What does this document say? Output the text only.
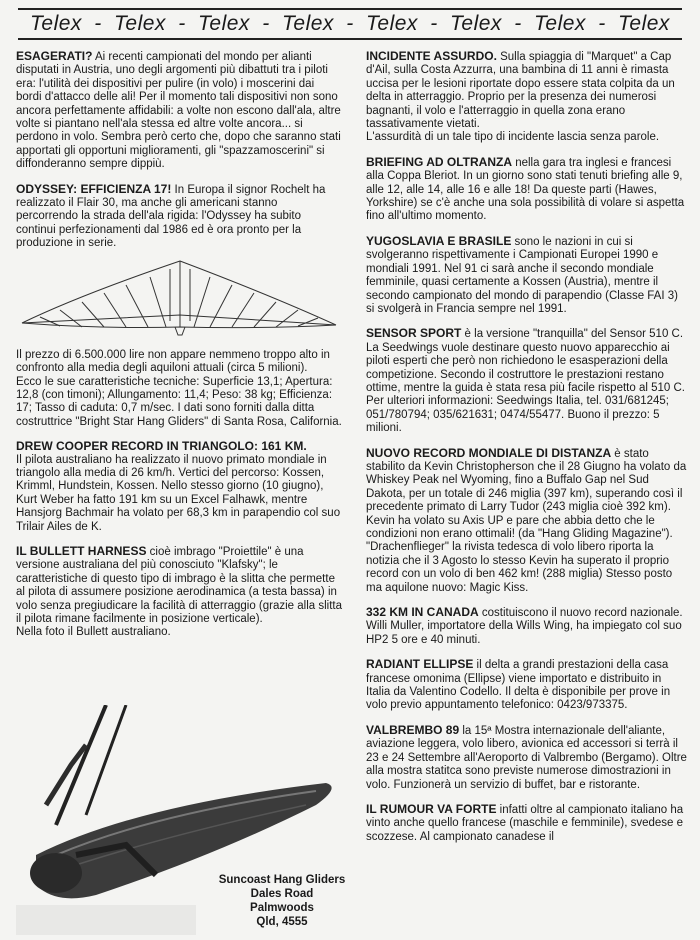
Telex - Telex - Telex - Telex - Telex - Telex - Telex - Telex

ESAGERATI? Ai recenti campionati del mondo per alianti disputati in Austria, uno degli argomenti più dibattuti tra i piloti era: l'utilità dei dispositivi per pulire (in volo) i moscerini dai bordi d'attacco delle ali! Per il momento tali dispositivi non sono ancora perfettamente affidabili: a volte non escono dall'ala, altre volte si piantano nell'ala stessa ed altre volte ancora... si perdono in volo. Sembra però certo che, dopo che saranno stati apportati gli opportuni miglioramenti, gli "spazzamoscerini" si diffonderanno sempre dippiù.

ODYSSEY: EFFICIENZA 17! In Europa il signor Rochelt ha realizzato il Flair 30, ma anche gli americani stanno percorrendo la strada dell'ala rigida: l'Odyssey ha subito continui perfezionamenti dal 1986 ed è ora pronto per la produzione in serie.

Il prezzo di 6.500.000 lire non appare nemmeno troppo alto in confronto alla media degli aquiloni attuali (circa 5 milioni).

Ecco le sue caratteristiche tecniche: Superficie 13,1; Apertura: 12,8 (con timoni); Allungamento: 11,4; Peso: 38 kg; Efficienza: 17; Tasso di caduta: 0,7 m/sec. I dati sono forniti dalla ditta costruttrice "Bright Star Hang Gliders" di Santa Rosa, California.

DREW COOPER RECORD IN TRIANGOLO: 161 KM.
Il pilota australiano ha realizzato il nuovo primato mondiale in triangolo alla media di 26 km/h. Vertici del percorso: Kossen, Krimml, Hundstein, Kossen. Nello stesso giorno (10 giugno), Kurt Weber ha fatto 191 km su un Excel Falhawk, mentre Hansjorg Bachmair ha volato per 68,3 km in parapendio col suo Trilair Ailes de K.

IL BULLETT HARNESS cioè imbrago "Proiettile" è una versione australiana del più conosciuto "Klafsky"; le caratteristiche di questo tipo di imbrago è la slitta che permette al pilota di assumere posizione aerodinamica (a testa bassa) in volo senza pregiudicare la facilità di atterraggio (grazie alla slitta il pilota rimane facilmente in posizione verticale).
Nella foto il Bullett australiano.

Suncoast Hang Gliders
Dales Road
Palmwoods
Qld, 4555

INCIDENTE ASSURDO. Sulla spiaggia di "Marquet" a Cap d'Ail, sulla Costa Azzurra, una bambina di 11 anni è rimasta uccisa per le lesioni riportate dopo essere stata colpita da un delta in atterraggio. Proprio per la presenza dei numerosi bagnanti, il volo e l'atterraggio in quella zona erano tassativamente vietati.
L'assurdità di un tale tipo di incidente lascia senza parole.

BRIEFING AD OLTRANZA nella gara tra inglesi e francesi alla Coppa Bleriot. In un giorno sono stati tenuti briefing alle 9, alle 12, alle 14, alle 16 e alle 18! Da queste parti (Hawes, Yorkshire) se c'è anche una sola possibilità di volare si aspetta fino all'ultimo momento.

YUGOSLAVIA E BRASILE sono le nazioni in cui si svolgeranno rispettivamente i Campionati Europei 1990 e mondiali 1991. Nel 91 ci sarà anche il secondo mondiale femminile, quasi certamente a Kossen (Austria), mentre il secondo campionato del mondo di parapendio (Classe FAI 3) si svolgerà in Francia sempre nel 1991.

SENSOR SPORT è la versione "tranquilla" del Sensor 510 C. La Seedwings vuole destinare questo nuovo apparecchio ai piloti esperti che però non richiedono le esasperazioni della competizione. Secondo il costruttore le prestazioni restano ottime, mentre la guida è stata resa più facile rispetto al 510 C. Per ulteriori informazioni: Seedwings Italia, tel. 031/681245; 051/780794; 035/621631; 0474/55477. Buono il prezzo: 5 milioni.

NUOVO RECORD MONDIALE DI DISTANZA è stato stabilito da Kevin Christopherson che il 28 Giugno ha volato da Whiskey Peak nel Wyoming, fino a Buffalo Gap nel Sud Dakota, per un totale di 246 miglia (397 km), superando così il precedente primato di Larry Tudor (243 miglia cioè 392 km). Kevin ha volato su Axis UP e pare che abbia detto che le condizioni non erano ottimali! (da "Hang Gliding Magazine").
"Drachenflieger" la rivista tedesca di volo libero riporta la notizia che il 3 Agosto lo stesso Kevin ha superato il proprio record con un volo di ben 462 km! (288 miglia) Stesso posto ma aquilone nuovo: Magic Kiss.

332 KM IN CANADA costituiscono il nuovo record nazionale. Willi Muller, importatore della Wills Wing, ha impiegato col suo HP2 5 ore e 40 minuti.

RADIANT ELLIPSE il delta a grandi prestazioni della casa francese omonima (Ellipse) viene importato e distribuito in Italia da Valentino Codello. Il delta è disponibile per prove in volo previo appuntamento telefonico: 0423/973375.

VALBREMBO 89 la 15ª Mostra internazionale dell'aliante, aviazione leggera, volo libero, avionica ed accessori si terrà il 23 e 24 Settembre all'Aeroporto di Valbrembo (Bergamo). Oltre alla mostra statitca sono previste numerose dimostrazioni in volo. Funzionerà un servizio di buffet, bar e ristorante.

IL RUMOUR VA FORTE infatti oltre al campionato italiano ha vinto anche quello francese (maschile e femminile), svedese e scozzese. Al campionato canadese il
